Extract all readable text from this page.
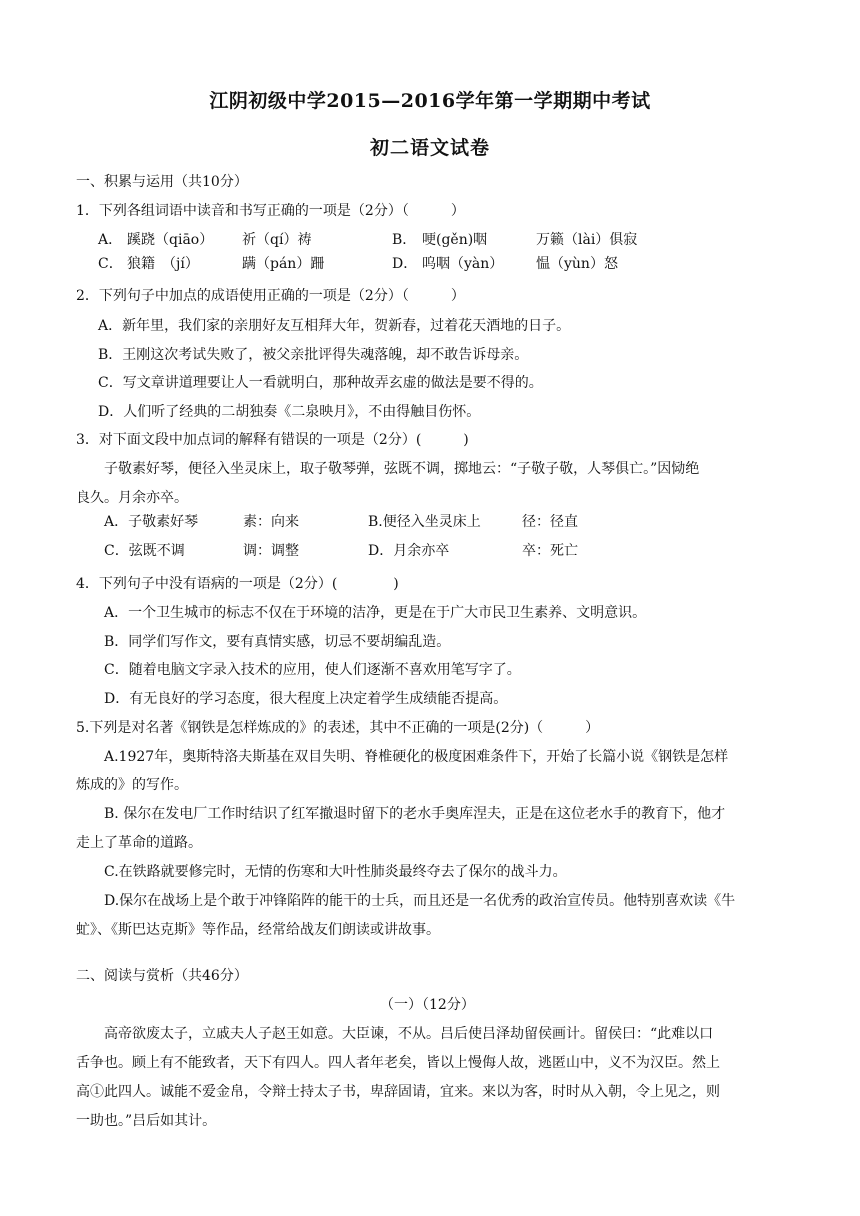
江阴初级中学2015—2016学年第一学期期中考试
初二语文试卷
一、积累与运用（共10分）
1．下列各组词语中读音和书写正确的一项是（2分）（　　　）
A． 蹊跷（qiāo） 祈（qí）祷	B． 哽(gěn)咽	万籁（lài）俱寂
C． 狼籍　（jí）	蹒（pán）跚	D． 呜咽（yàn） 愠（yùn）怒
2．下列句子中加点的成语使用正确的一项是（2分）（　　　）
A．新年里，我们家的亲朋好友互相拜大年，贺新春，过着花天酒地的日子。
B．王刚这次考试失败了，被父亲批评得失魂落魄，却不敢告诉母亲。
C．写文章讲道理要让人一看就明白，那种故弄玄虚的做法是要不得的。
D．人们听了经典的二胡独奏《二泉映月》，不由得触目伤怀。
3．对下面文段中加点词的解释有错误的一项是（2分）(　　　)
子敬素好琴，便径入坐灵床上，取子敬琴弹，弦既不调，掷地云：“子敬子敬，人琴俱亡。”因恸绝
良久。月余亦卒。
A．子敬素好琴	素：向来	B.便径入坐灵床上	径：径直
C．弦既不调	调：调整	D．月余亦卒	卒：死亡
4．下列句子中没有语病的一项是（2分）(　　　　)
A．一个卫生城市的标志不仅在于环境的洁净，更是在于广大市民卫生素养、文明意识。
B．同学们写作文，要有真情实感，切忌不要胡编乱造。
C．随着电脑文字录入技术的应用，使人们逐渐不喜欢用笔写字了。
D．有无良好的学习态度，很大程度上决定着学生成绩能否提高。
5.下列是对名著《钢铁是怎样炼成的》的表述，其中不正确的一项是(2分)（　　　）
A.1927年，奥斯特洛夫斯基在双目失明、脊椎硬化的极度困难条件下，开始了长篇小说《钢铁是怎样
炼成的》的写作。
B. 保尔在发电厂工作时结识了红军撤退时留下的老水手奥库涅夫，正是在这位老水手的教育下，他才
走上了革命的道路。
C.在铁路就要修完时，无情的伤寒和大叶性肺炎最终夺去了保尔的战斗力。
D.保尔在战场上是个敢于冲锋陷阵的能干的士兵，而且还是一名优秀的政治宣传员。他特别喜欢读《牛
虻》、《斯巴达克斯》等作品，经常给战友们朗读或讲故事。
二、阅读与赏析（共46分）
（一）（12分）
高帝欲废太子，立戚夫人子赵王如意。大臣谏，不从。吕后使吕泽劫留侯画计。留侯曰：“此难以口
舌争也。顾上有不能致者，天下有四人。四人者年老矣，皆以上慢侮人故，逃匿山中，义不为汉臣。然上
高①此四人。诚能不爱金帛，令辩士持太子书，卑辞固请，宜来。来以为客，时时从入朝，令上见之，则
一助也。”吕后如其计。
